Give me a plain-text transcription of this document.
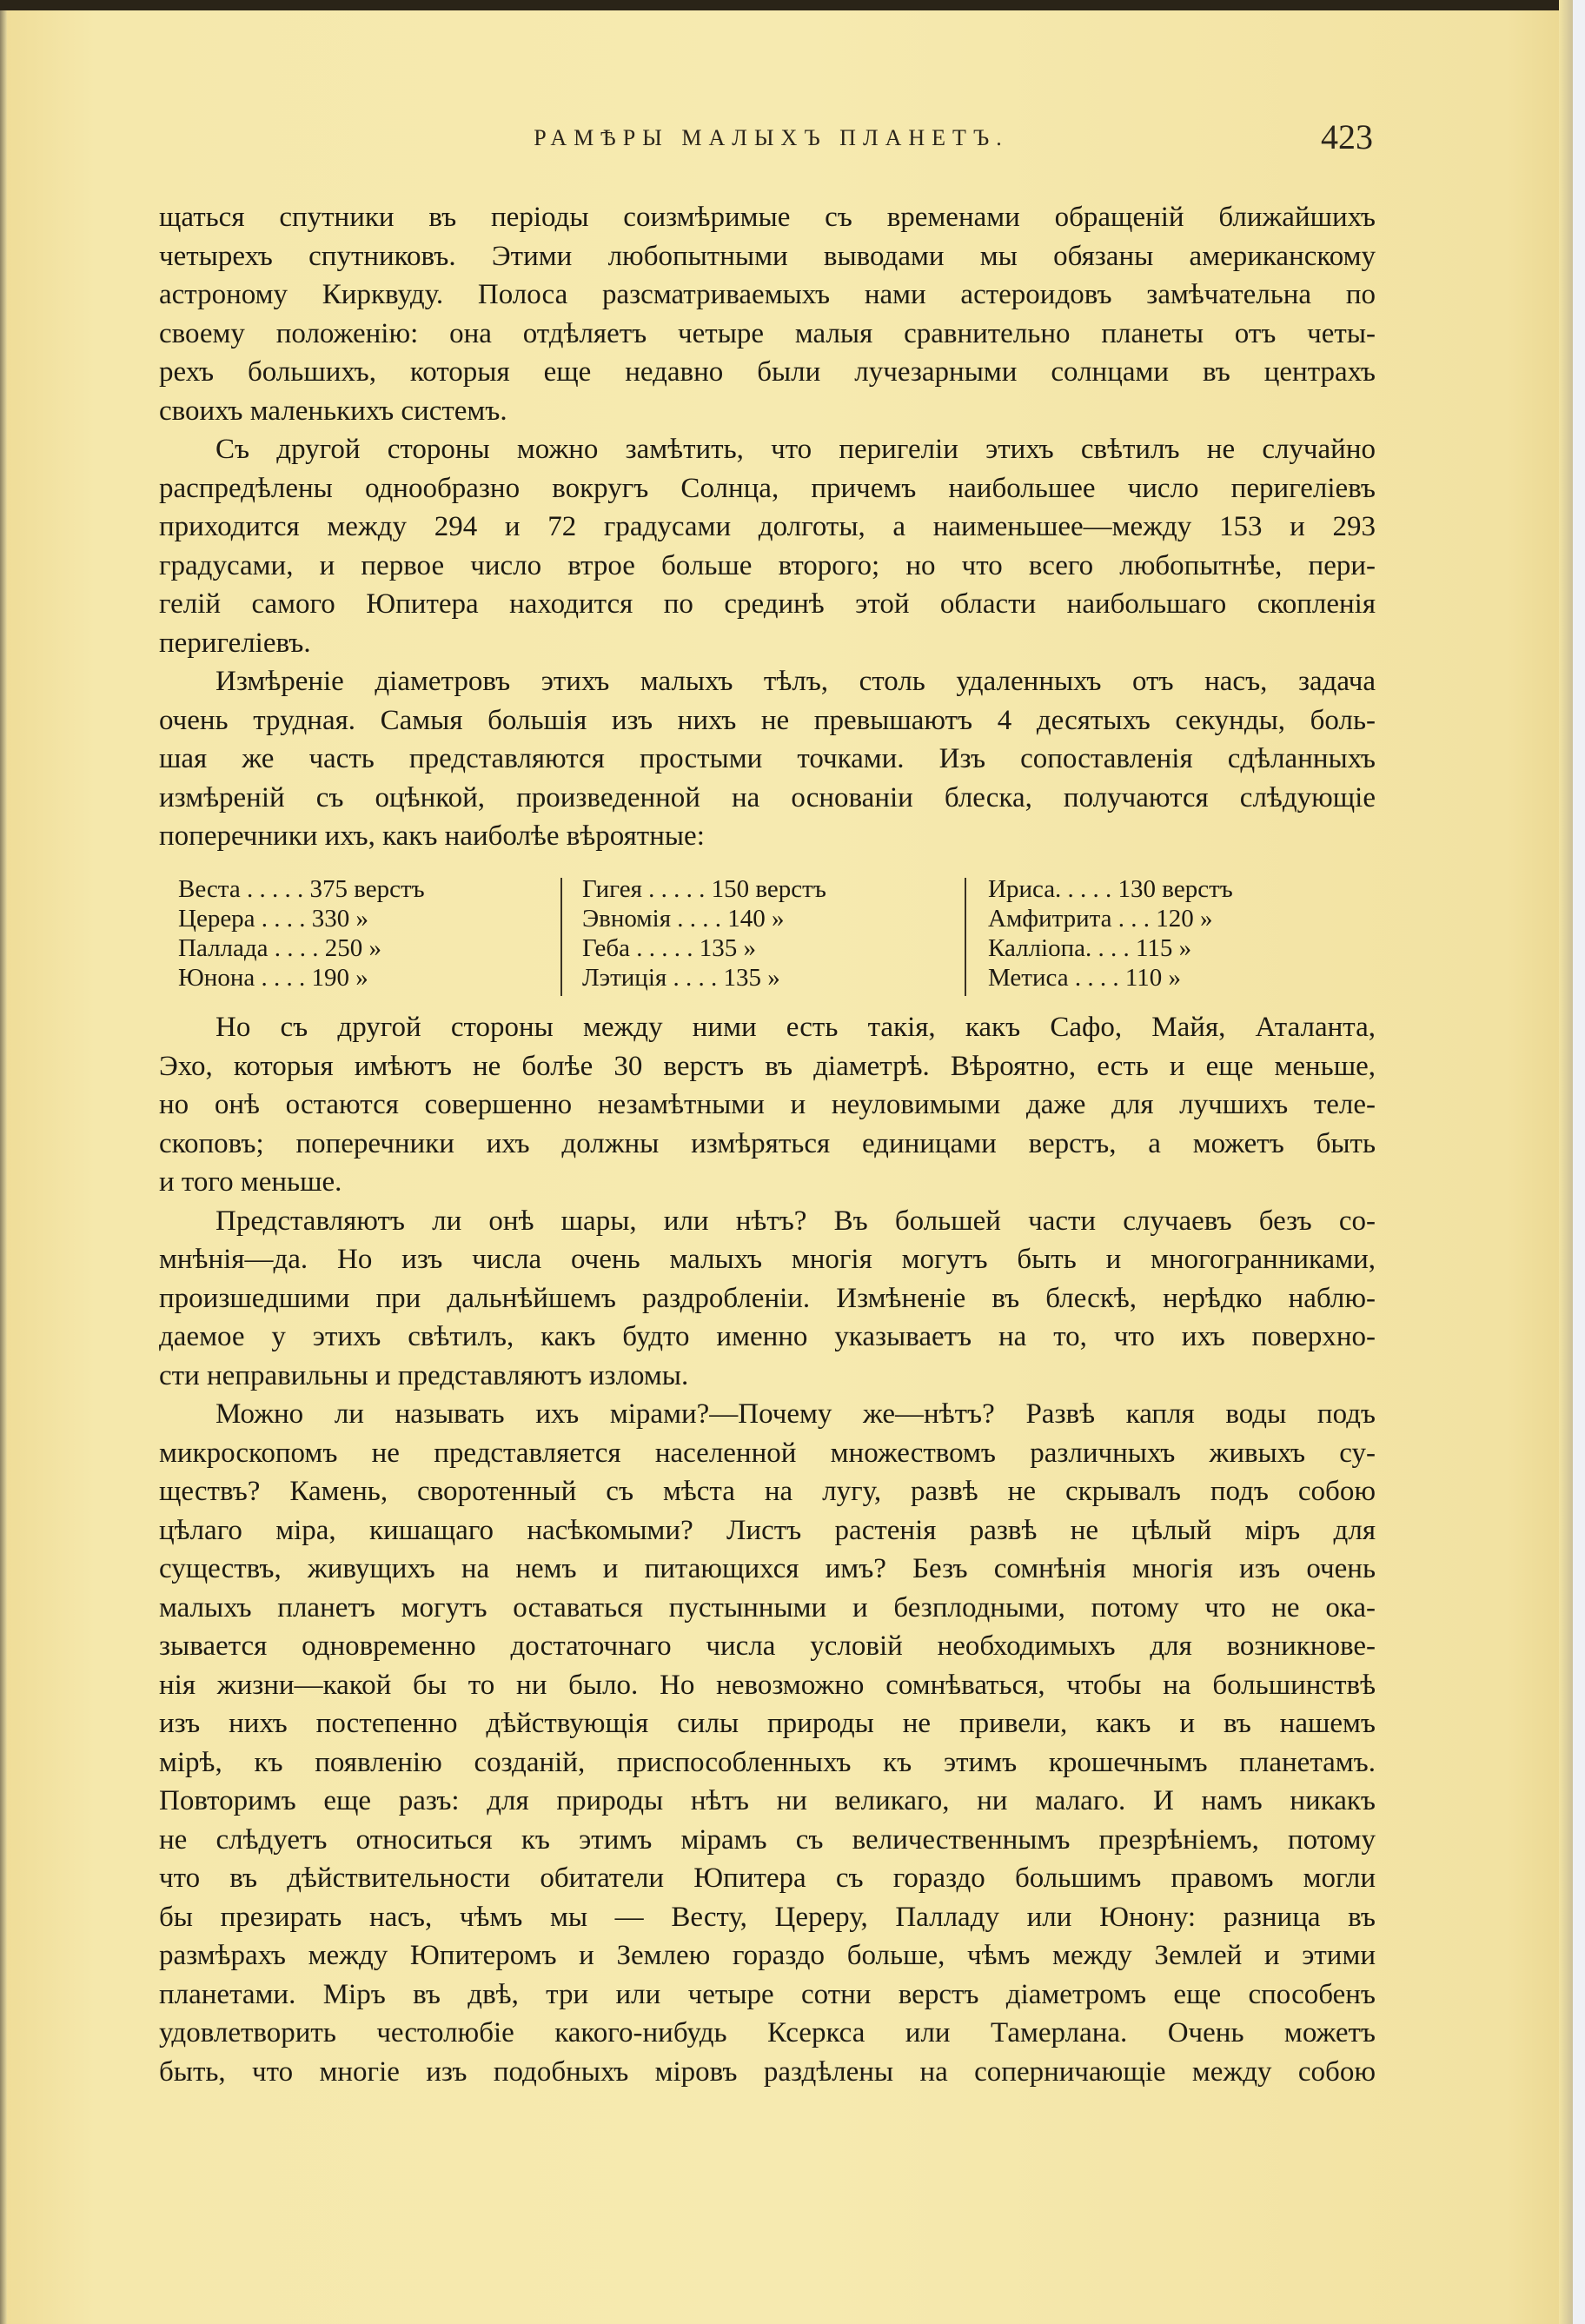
РАМѢРЫ МАЛЫХЪ ПЛАНЕТЪ.	423
щаться спутники въ періоды соизмѣримые съ временами обращеній ближайшихъ
четырехъ спутниковъ. Этими любопытными выводами мы обязаны американскому
астроному Кирквуду. Полоса разсматриваемыхъ нами астероидовъ замѣчательна по
своему положенію: она отдѣляетъ четыре малыя сравнительно планеты отъ четы-
рехъ большихъ, которыя еще недавно были лучезарными солнцами въ центрахъ
своихъ маленькихъ системъ.
Съ другой стороны можно замѣтить, что перигеліи этихъ свѣтилъ не случайно
распредѣлены однообразно вокругъ Солнца, причемъ наибольшее число перигеліевъ
приходится между 294 и 72 градусами долготы, а наименьшее—между 153 и 293
градусами, и первое число втрое больше второго; но что всего любопытнѣе, пери-
гелій самого Юпитера находится по срединѣ этой области наибольшаго скопленія
перигеліевъ.
Измѣреніе діаметровъ этихъ малыхъ тѣлъ, столь удаленныхъ отъ насъ, задача
очень трудная. Самыя большія изъ нихъ не превышаютъ 4 десятыхъ секунды, боль-
шая же часть представляются простыми точками. Изъ сопоставленія сдѣланныхъ
измѣреній съ оцѣнкой, произведенной на основаніи блеска, получаются слѣдующіе
поперечники ихъ, какъ наиболѣе вѣроятные:
Веста . . . . . 375 верстъ
Церера . . . . 330 »
Паллада . . . . 250 »
Юнона . . . . 190 »
Гигея . . . . . 150 верстъ
Эвномія . . . . 140 »
Геба . . . . . 135 »
Лэтиція . . . . 135 »
Ириса. . . . . 130 верстъ
Амфитрита . . . 120 »
Калліопа. . . . 115 »
Метиса . . . . 110 »
Но съ другой стороны между ними есть такія, какъ Сафо, Майя, Аталанта,
Эхо, которыя имѣютъ не болѣе 30 верстъ въ діаметрѣ. Вѣроятно, есть и еще меньше,
но онѣ остаются совершенно незамѣтными и неуловимыми даже для лучшихъ теле-
скоповъ; поперечники ихъ должны измѣряться единицами верстъ, а можетъ быть
и того меньше.
Представляютъ ли онѣ шары, или нѣтъ? Въ большей части случаевъ безъ со-
мнѣнія—да. Но изъ числа очень малыхъ многія могутъ быть и многогранниками,
произшедшими при дальнѣйшемъ раздробленіи. Измѣненіе въ блескѣ, нерѣдко наблю-
даемое у этихъ свѣтилъ, какъ будто именно указываетъ на то, что ихъ поверхно-
сти неправильны и представляютъ изломы.
Можно ли называть ихъ мірами?—Почему же—нѣтъ? Развѣ капля воды подъ
микроскопомъ не представляется населенной множествомъ различныхъ живыхъ су-
ществъ? Камень, своротенный съ мѣста на лугу, развѣ не скрывалъ подъ собою
цѣлаго міра, кишащаго насѣкомыми? Листъ растенія развѣ не цѣлый міръ для
существъ, живущихъ на немъ и питающихся имъ? Безъ сомнѣнія многія изъ очень
малыхъ планетъ могутъ оставаться пустынными и безплодными, потому что не ока-
зывается одновременно достаточнаго числа условій необходимыхъ для возникнове-
нія жизни—какой бы то ни было. Но невозможно сомнѣваться, чтобы на большинствѣ
изъ нихъ постепенно дѣйствующія силы природы не привели, какъ и въ нашемъ
мірѣ, къ появленію созданій, приспособленныхъ къ этимъ крошечнымъ планетамъ.
Повторимъ еще разъ: для природы нѣтъ ни великаго, ни малаго. И намъ никакъ
не слѣдуетъ относиться къ этимъ мірамъ съ величественнымъ презрѣніемъ, потому
что въ дѣйствительности обитатели Юпитера съ гораздо большимъ правомъ могли
бы презирать насъ, чѣмъ мы — Весту, Цереру, Палладу или Юнону: разница въ
размѣрахъ между Юпитеромъ и Землею гораздо больше, чѣмъ между Землей и этими
планетами. Міръ въ двѣ, три или четыре сотни верстъ діаметромъ еще способенъ
удовлетворить честолюбіе какого-нибудь Ксеркса или Тамерлана. Очень можетъ
быть, что многіе изъ подобныхъ міровъ раздѣлены на соперничающіе между собою
